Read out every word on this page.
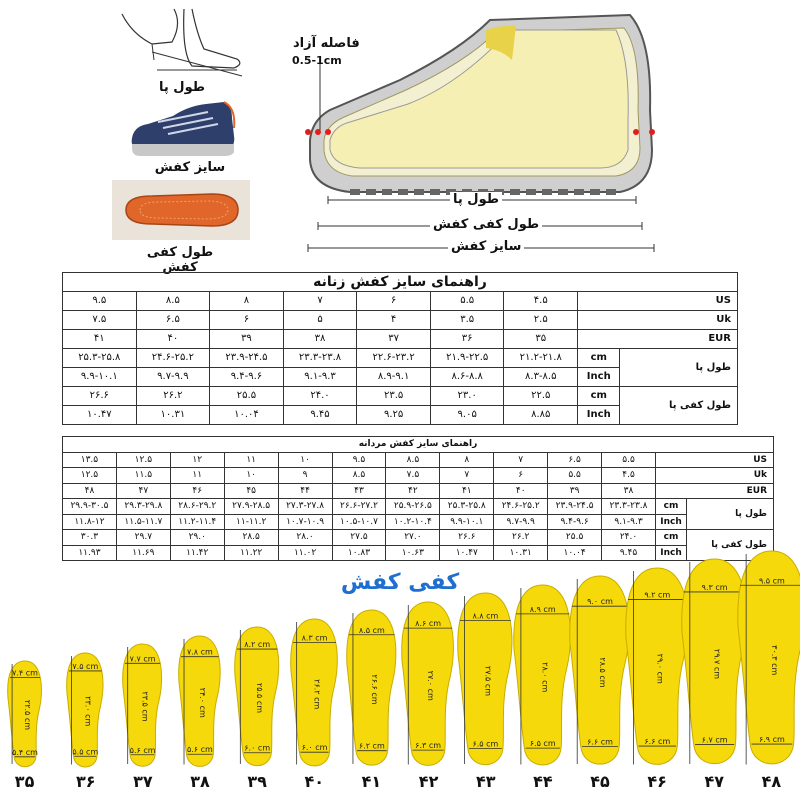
طول پا
سایز کفش
طول کفی کفش
فاصله آزاد
0.5-1cm
طول پا
طول کفی کفش
سایز کفش
راهنمای سایز کفش زنانه								
۹.۵	۸.۵	۸	۷	۶	۵.۵	۴.۵	US	
۷.۵	۶.۵	۶	۵	۴	۳.۵	۲.۵	Uk	
۴۱	۴۰	۳۹	۳۸	۳۷	۳۶	۳۵	EUR	
۲۵.۳-۲۵.۸	۲۴.۶-۲۵.۲	۲۳.۹-۲۴.۵	۲۳.۳-۲۳.۸	۲۲.۶-۲۳.۲	۲۱.۹-۲۲.۵	۲۱.۲-۲۱.۸	cm	طول پا
۹.۹-۱۰.۱	۹.۷-۹.۹	۹.۴-۹.۶	۹.۱-۹.۳	۸.۹-۹.۱	۸.۶-۸.۸	۸.۳-۸.۵	Inch	
۲۶.۶	۲۶.۲	۲۵.۵	۲۴.۰	۲۳.۵	۲۳.۰	۲۲.۵	cm	طول کفی پا
۱۰.۴۷	۱۰.۳۱	۱۰.۰۴	۹.۴۵	۹.۲۵	۹.۰۵	۸.۸۵	Inch	
راهنمای سایز کفش مردانه												
۱۳.۵	۱۲.۵	۱۲	۱۱	۱۰	۹.۵	۸.۵	۸	۷	۶.۵	۵.۵	US	
۱۲.۵	۱۱.۵	۱۱	۱۰	۹	۸.۵	۷.۵	۷	۶	۵.۵	۴.۵	Uk	
۴۸	۴۷	۴۶	۴۵	۴۴	۴۳	۴۲	۴۱	۴۰	۳۹	۳۸	EUR	
۲۹.۹-۳۰.۵	۲۹.۳-۲۹.۸	۲۸.۶-۲۹.۲	۲۷.۹-۲۸.۵	۲۷.۳-۲۷.۸	۲۶.۶-۲۷.۲	۲۵.۹-۲۶.۵	۲۵.۳-۲۵.۸	۲۴.۶-۲۵.۲	۲۳.۹-۲۴.۵	۲۳.۳-۲۳.۸	cm	طول پا
۱۱.۸-۱۲	۱۱.۵-۱۱.۷	۱۱.۲-۱۱.۴	۱۱-۱۱.۲	۱۰.۷-۱۰.۹	۱۰.۵-۱۰.۷	۱۰.۲-۱۰.۴	۹.۹-۱۰.۱	۹.۷-۹.۹	۹.۴-۹.۶	۹.۱-۹.۳	Inch	
۳۰.۳	۲۹.۷	۲۹.۰	۲۸.۵	۲۸.۰	۲۷.۵	۲۷.۰	۲۶.۶	۲۶.۲	۲۵.۵	۲۴.۰	cm	طول کفی پا
۱۱.۹۳	۱۱.۶۹	۱۱.۴۲	۱۱.۲۲	۱۱.۰۲	۱۰.۸۳	۱۰.۶۳	۱۰.۴۷	۱۰.۳۱	۱۰.۰۴	۹.۴۵	Inch	
کفی کفش
۷.۴ cm
۲۲.۵ cm
۵.۴ cm
۳۵
۷.۵ cm
۲۳.۰ cm
۵.۵ cm
۳۶
۷.۷ cm
۲۳.۵ cm
۵.۶ cm
۳۷
۷.۸ cm
۲۴.۰ cm
۵.۶ cm
۳۸
۸.۲ cm
۲۵.۵ cm
۶.۰ cm
۳۹
۸.۳ cm
۲۶.۲ cm
۶.۰ cm
۴۰
۸.۵ cm
۲۶.۶ cm
۶.۲ cm
۴۱
۸.۶ cm
۲۷.۰ cm
۶.۳ cm
۴۲
۸.۸ cm
۲۷.۵ cm
۶.۵ cm
۴۳
۸.۹ cm
۲۸.۰ cm
۶.۵ cm
۴۴
۹.۰ cm
۲۸.۵ cm
۶.۶ cm
۴۵
۹.۲ cm
۲۹.۰ cm
۶.۶ cm
۴۶
۹.۳ cm
۲۹.۷ cm
۶.۷ cm
۴۷
۹.۵ cm
۳۰.۳ cm
۶.۹ cm
۴۸
